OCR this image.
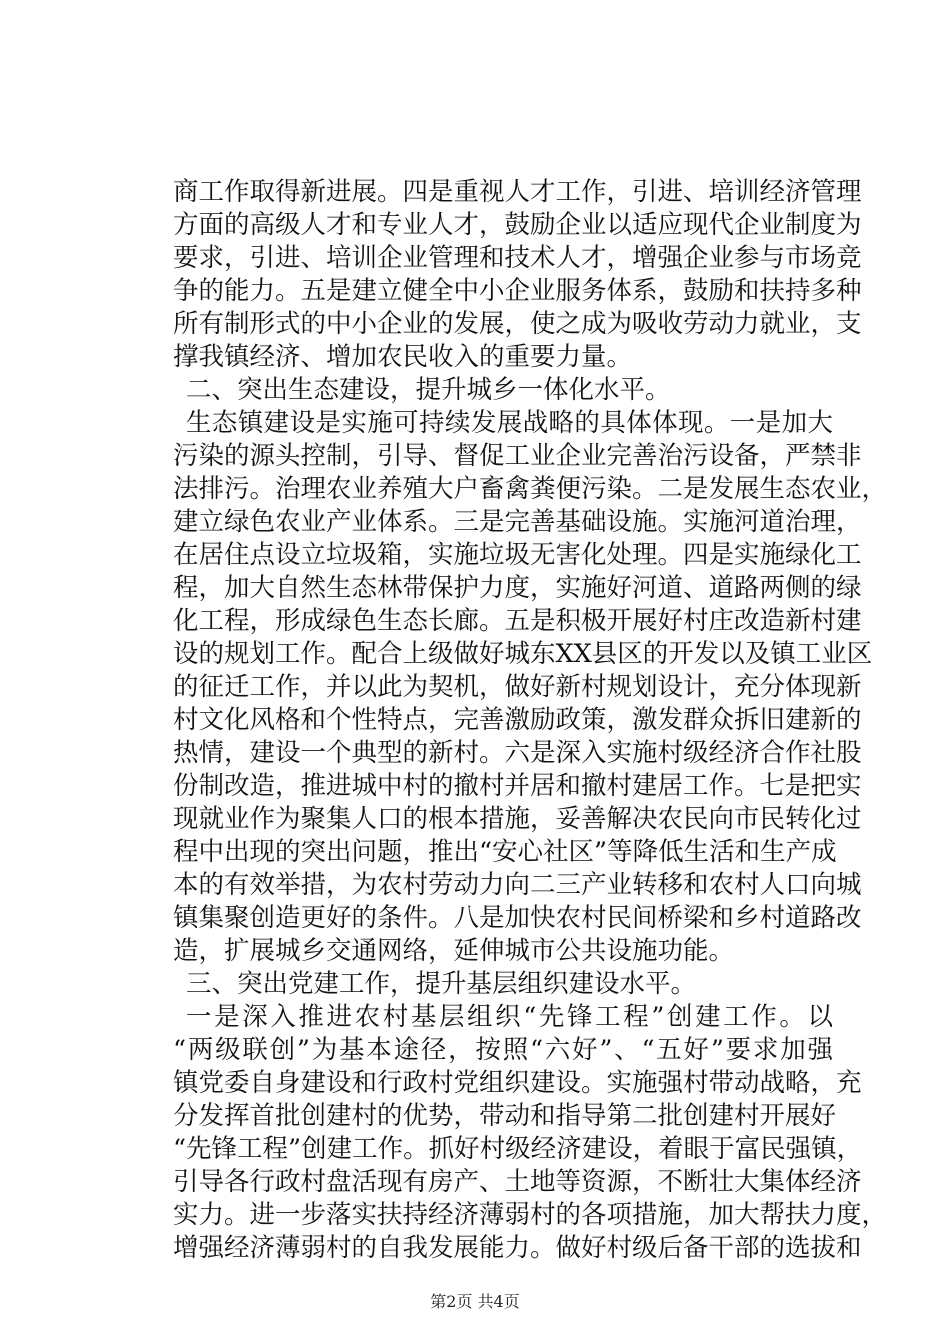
商工作取得新进展。四是重视人才工作，引进、培训经济管理
方面的高级人才和专业人才，鼓励企业以适应现代企业制度为
要求，引进、培训企业管理和技术人才，增强企业参与市场竞
争的能力。五是建立健全中小企业服务体系，鼓励和扶持多种
所有制形式的中小企业的发展，使之成为吸收劳动力就业，支
撑我镇经济、增加农民收入的重要力量。
二、突出生态建设，提升城乡一体化水平。
生态镇建设是实施可持续发展战略的具体体现。一是加大
污染的源头控制，引导、督促工业企业完善治污设备，严禁非
法排污。治理农业养殖大户畜禽粪便污染。二是发展生态农业，
建立绿色农业产业体系。三是完善基础设施。实施河道治理，
在居住点设立垃圾箱，实施垃圾无害化处理。四是实施绿化工
程，加大自然生态林带保护力度，实施好河道、道路两侧的绿
化工程，形成绿色生态长廊。五是积极开展好村庄改造新村建
设的规划工作。配合上级做好城东XX县区的开发以及镇工业区
的征迁工作，并以此为契机，做好新村规划设计，充分体现新
村文化风格和个性特点，完善激励政策，激发群众拆旧建新的
热情，建设一个典型的新村。六是深入实施村级经济合作社股
份制改造，推进城中村的撤村并居和撤村建居工作。七是把实
现就业作为聚集人口的根本措施，妥善解决农民向市民转化过
程中出现的突出问题，推出“安心社区”等降低生活和生产成
本的有效举措，为农村劳动力向二三产业转移和农村人口向城
镇集聚创造更好的条件。八是加快农村民间桥梁和乡村道路改
造，扩展城乡交通网络，延伸城市公共设施功能。
三、突出党建工作，提升基层组织建设水平。
一是深入推进农村基层组织“先锋工程”创建工作。以
“两级联创”为基本途径，按照“六好”、“五好”要求加强
镇党委自身建设和行政村党组织建设。实施强村带动战略，充
分发挥首批创建村的优势，带动和指导第二批创建村开展好
“先锋工程”创建工作。抓好村级经济建设，着眼于富民强镇，
引导各行政村盘活现有房产、土地等资源，不断壮大集体经济
实力。进一步落实扶持经济薄弱村的各项措施，加大帮扶力度，
增强经济薄弱村的自我发展能力。做好村级后备干部的选拔和
第2页 共4页
